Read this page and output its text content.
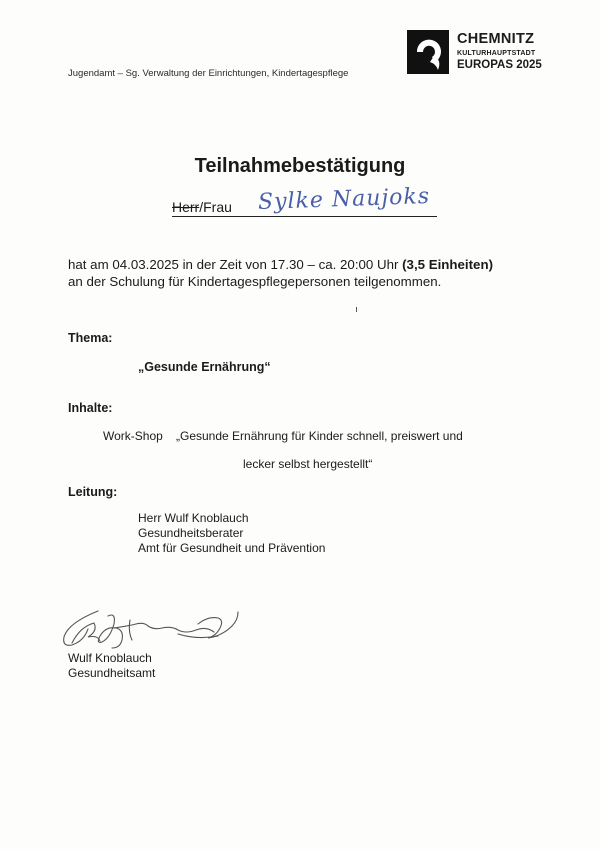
Jugendamt – Sg. Verwaltung der Einrichtungen, Kindertagespflege
CHEMNITZ
KULTURHAUPTSTADT
EUROPAS 2025
Teilnahmebestätigung
Herr/Frau Sylke Naujoks
hat am 04.03.2025 in der Zeit von 17.30 – ca. 20:00 Uhr (3,5 Einheiten)
an der Schulung für Kindertagespflegepersonen teilgenommen.
Thema:
„Gesunde Ernährung“
Inhalte:
Work-Shop „Gesunde Ernährung für Kinder schnell, preiswert und
lecker selbst hergestellt“
Leitung:
Herr Wulf Knoblauch
Gesundheitsberater
Amt für Gesundheit und Prävention
Wulf Knoblauch
Gesundheitsamt
